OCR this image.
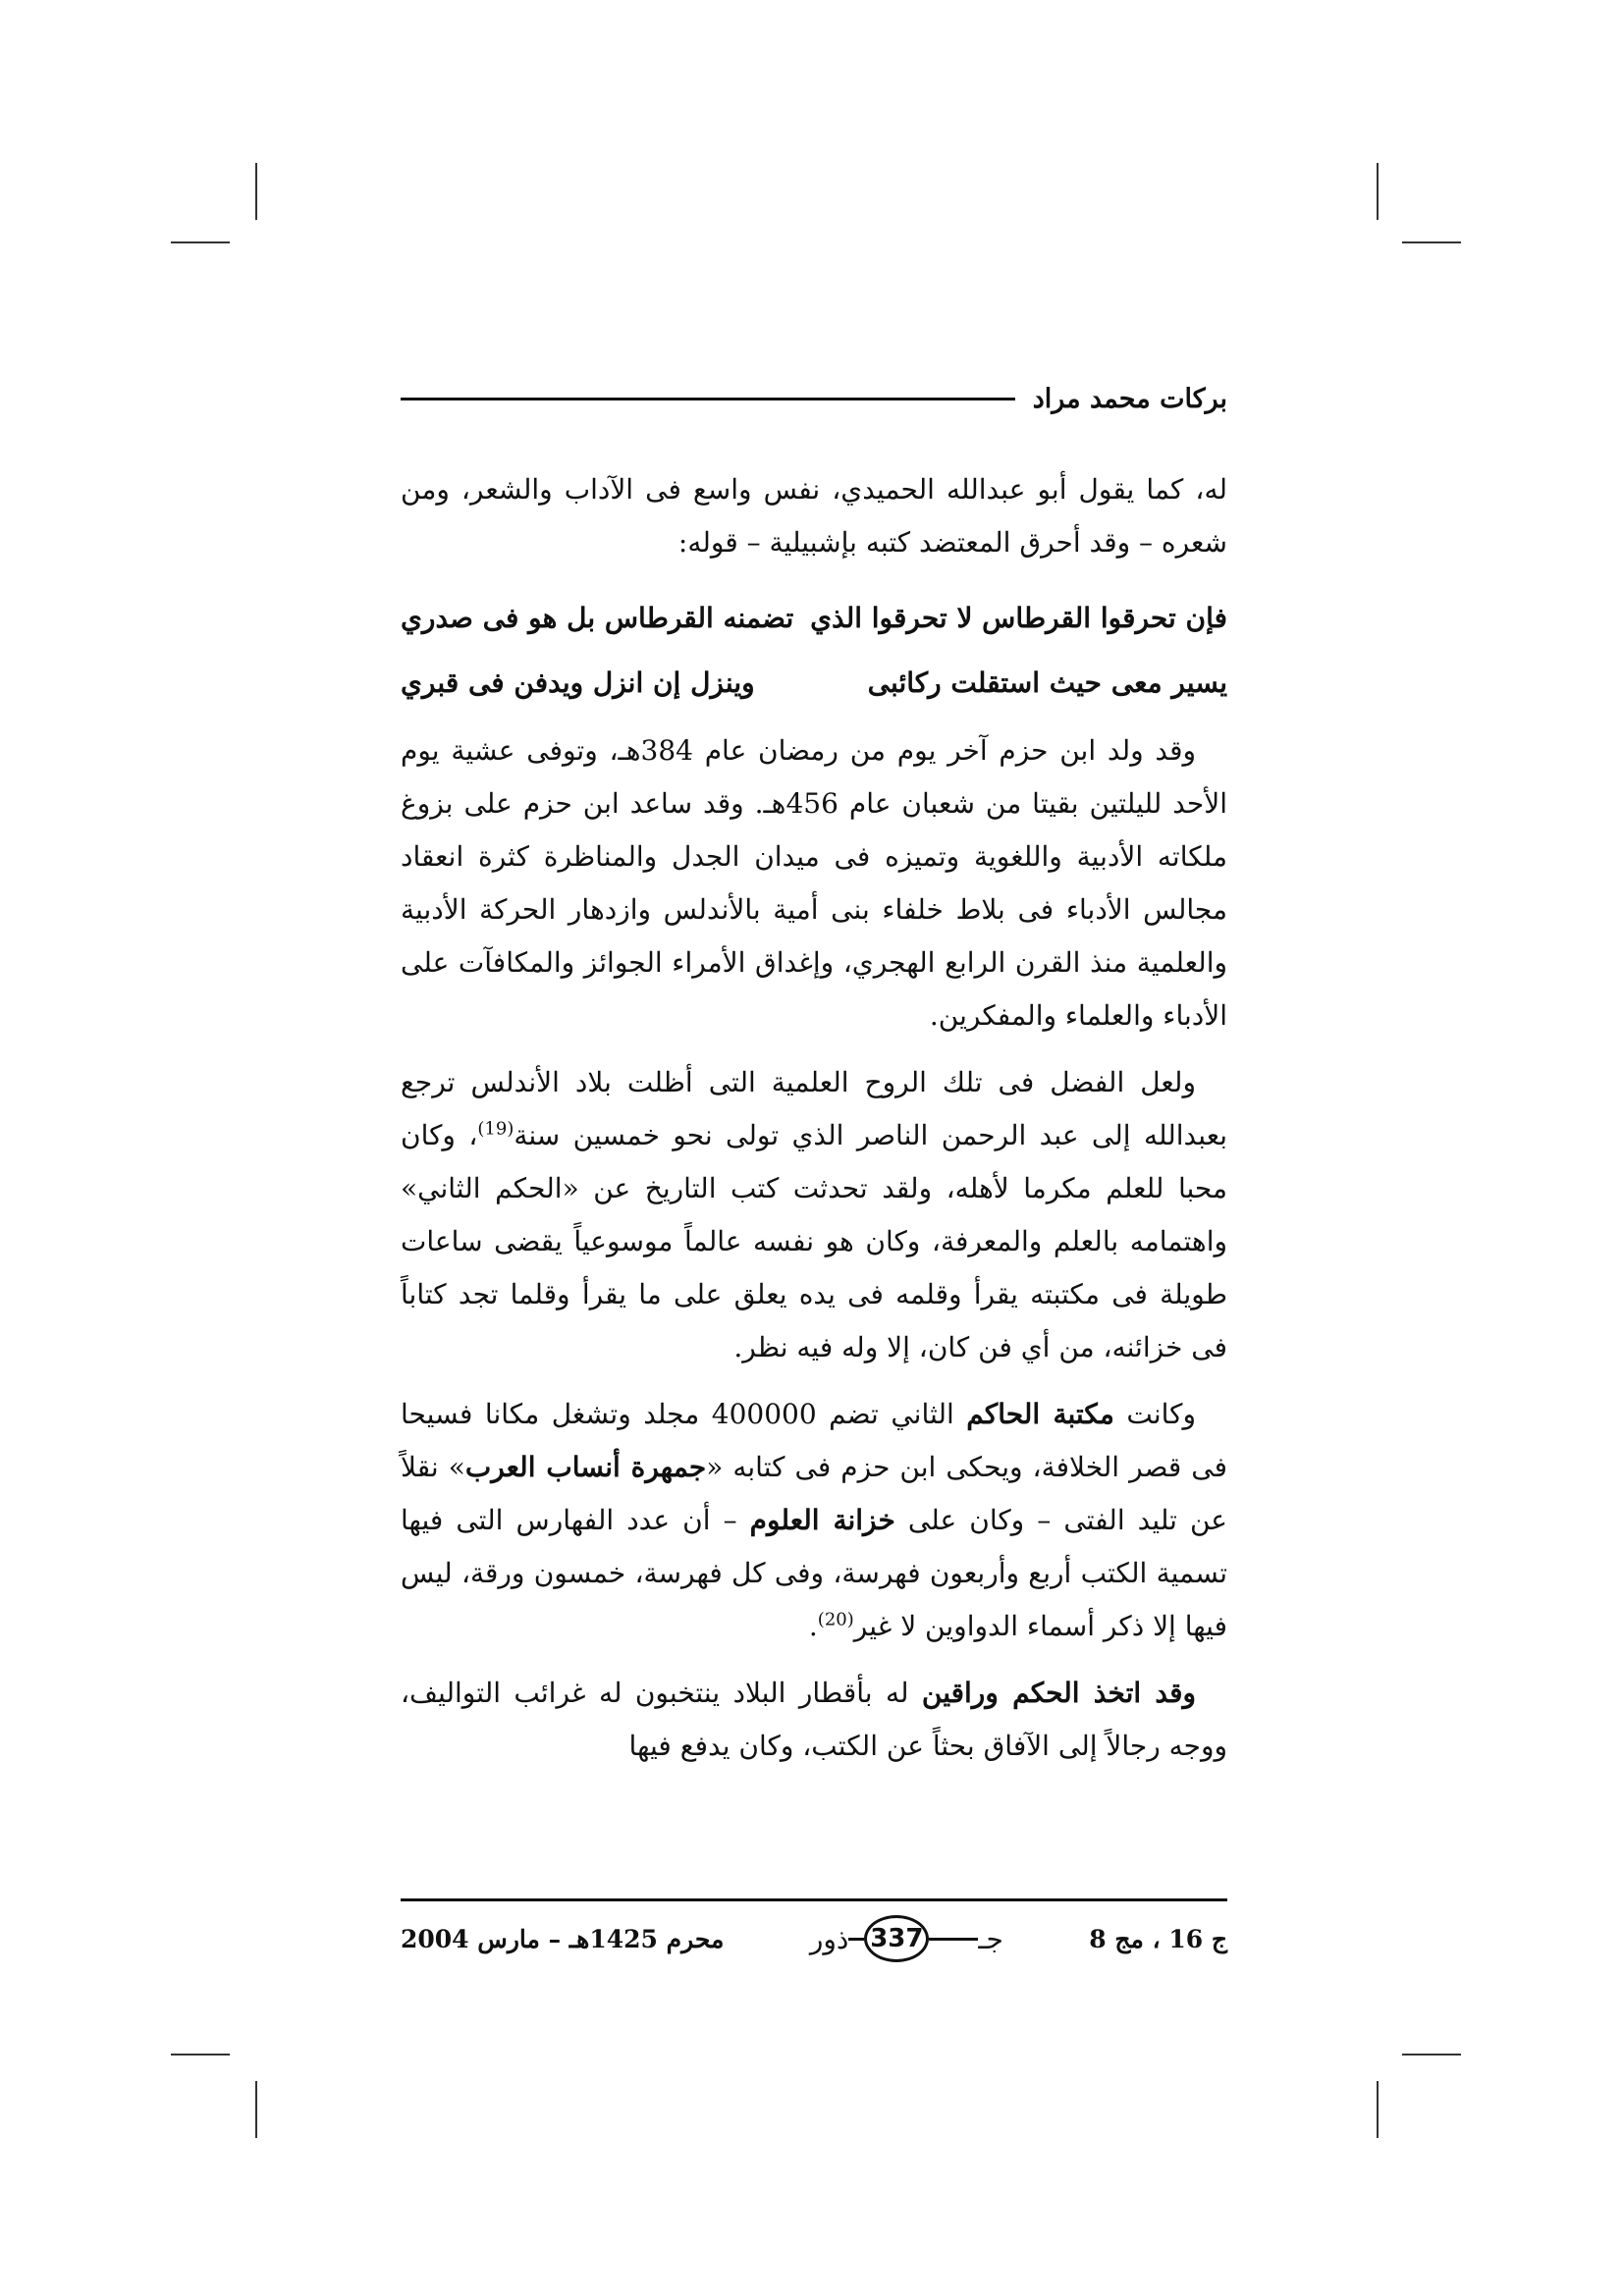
بركات محمد مراد

له، كما يقول أبو عبدالله الحميدي، نفس واسع فى الآداب والشعر، ومن شعره – وقد أحرق المعتضد كتبه بإشبيلية – قوله:

فإن تحرقوا القرطاس لا تحرقوا الذي
تضمنه القرطاس بل هو فى صدري
يسير معى حيث استقلت ركائبى
وينزل إن انزل ويدفن فى قبري

وقد ولد ابن حزم آخر يوم من رمضان عام 384هـ، وتوفى عشية يوم الأحد لليلتين بقيتا من شعبان عام 456هـ. وقد ساعد ابن حزم على بزوغ ملكاته الأدبية واللغوية وتميزه فى ميدان الجدل والمناظرة كثرة انعقاد مجالس الأدباء فى بلاط خلفاء بنى أمية بالأندلس وازدهار الحركة الأدبية والعلمية منذ القرن الرابع الهجري، وإغداق الأمراء الجوائز والمكافآت على الأدباء والعلماء والمفكرين.

ولعل الفضل فى تلك الروح العلمية التى أظلت بلاد الأندلس ترجع بعبدالله إلى عبد الرحمن الناصر الذي تولى نحو خمسين سنة$^{(19)}$، وكان محبا للعلم مكرما لأهله، ولقد تحدثت كتب التاريخ عن «الحكم الثاني» واهتمامه بالعلم والمعرفة، وكان هو نفسه عالماً موسوعياً يقضى ساعات طويلة فى مكتبته يقرأ وقلمه فى يده يعلق على ما يقرأ وقلما تجد كتاباً فى خزائنه، من أي فن كان، إلا وله فيه نظر.

وكانت مكتبة الحاكم الثاني تضم 400000 مجلد وتشغل مكانا فسيحا فى قصر الخلافة، ويحكى ابن حزم فى كتابه «جمهرة أنساب العرب» نقلاً عن تليد الفتى – وكان على خزانة العلوم – أن عدد الفهارس التى فيها تسمية الكتب أربع وأربعون فهرسة، وفى كل فهرسة، خمسون ورقة، ليس فيها إلا ذكر أسماء الدواوين لا غير$^{(20)}$.

وقد اتخذ الحكم وراقين له بأقطار البلاد ينتخبون له غرائب التواليف، ووجه رجالاً إلى الآفاق بحثاً عن الكتب، وكان يدفع فيها

ج 16 ، مج 8
جـ
337
ذور
محرم 1425هـ – مارس 2004
